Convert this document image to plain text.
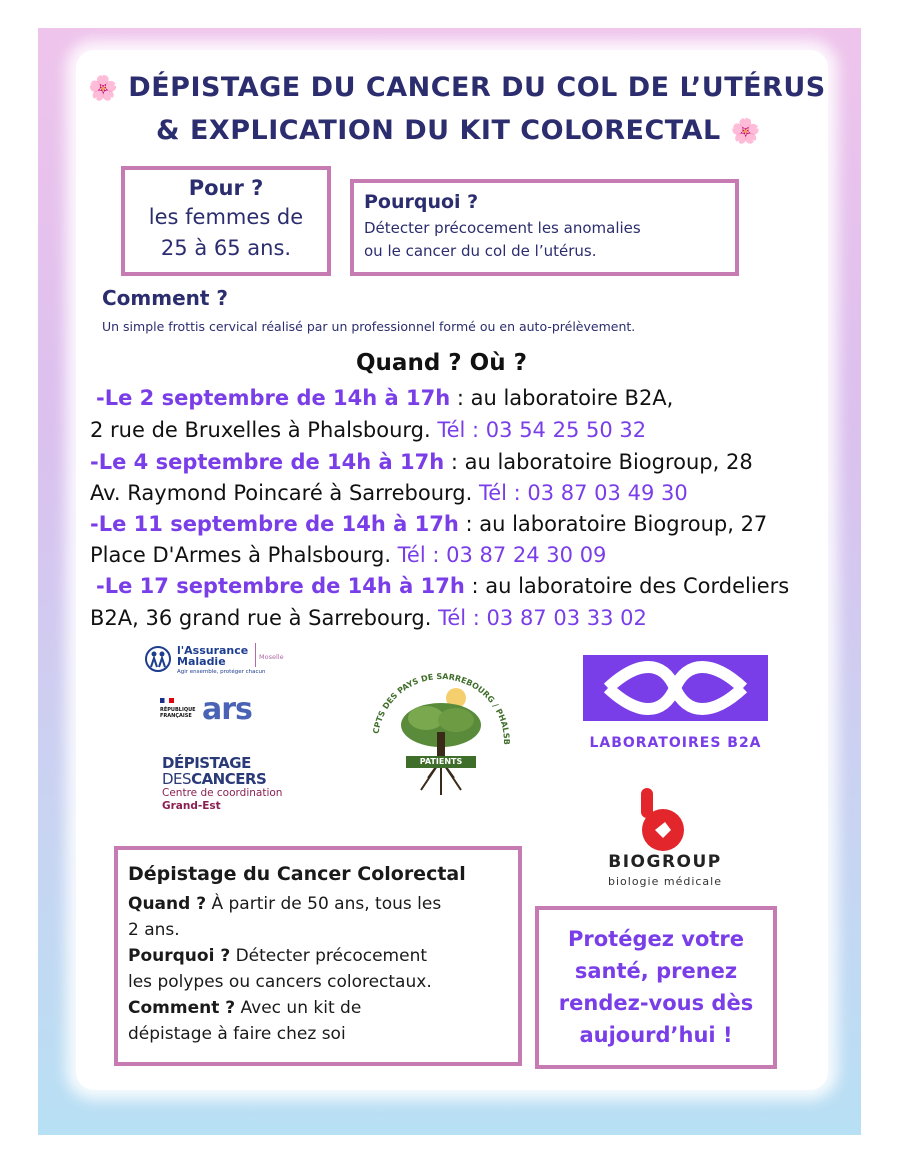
🌸 DÉPISTAGE DU CANCER DU COL DE L’UTÉRUS
& EXPLICATION DU KIT COLORECTAL 🌸
Pour ?
les femmes de
25 à 65 ans.
Pourquoi ?
Détecter précocement les anomalies
ou le cancer du col de l’utérus.
Comment ?
Un simple frottis cervical réalisé par un professionnel formé ou en auto-prélèvement.
Quand ? Où ?
-Le 2 septembre de 14h à 17h : au laboratoire B2A,
2 rue de Bruxelles à Phalsbourg. Tél : 03 54 25 50 32
-Le 4 septembre de 14h à 17h : au laboratoire Biogroup, 28
Av. Raymond Poincaré à Sarrebourg. Tél : 03 87 03 49 30
-Le 11 septembre de 14h à 17h : au laboratoire Biogroup, 27
Place D'Armes à Phalsbourg. Tél : 03 87 24 30 09
-Le 17 septembre de 14h à 17h : au laboratoire des Cordeliers
B2A, 36 grand rue à Sarrebourg. Tél : 03 87 03 33 02
l'Assurance
Maladie
Agir ensemble, protéger chacun
Moselle
RÉPUBLIQUE
FRANÇAISE ars
DÉPISTAGE
DESCANCERS
Centre de coordination
Grand-Est
CPTS DES PAYS DE SARREBOURG / PHALSB
PATIENTS
LABORATOIRES B2A
BIOGROUP
biologie médicale
Dépistage du Cancer Colorectal
Quand ? À partir de 50 ans, tous les
2 ans.
Pourquoi ? Détecter précocement
les polypes ou cancers colorectaux.
Comment ? Avec un kit de
dépistage à faire chez soi
Protégez votre
santé, prenez
rendez-vous dès
aujourd’hui !
